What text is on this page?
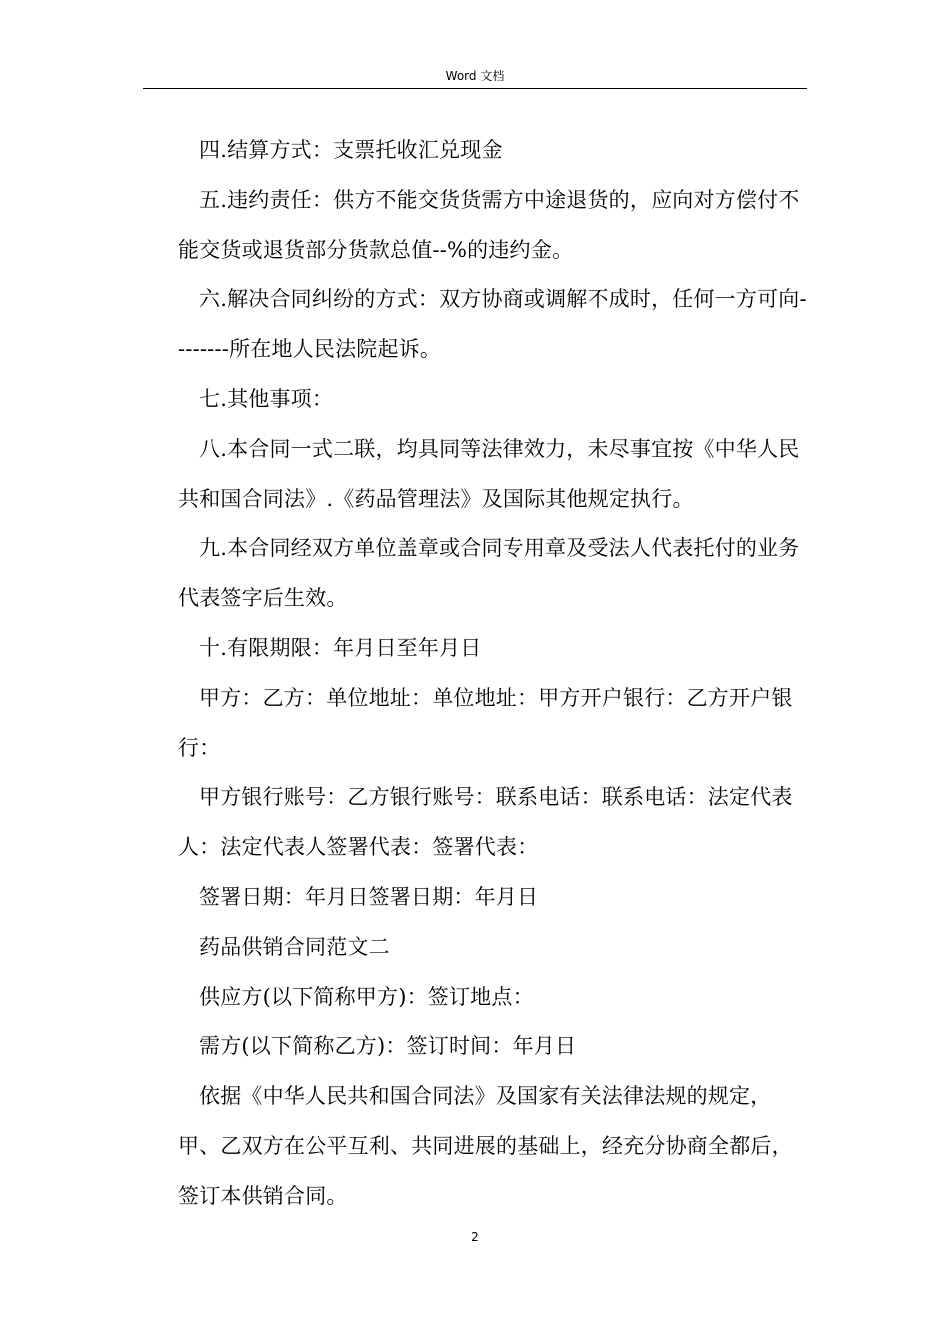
Word 文档

四.结算方式：支票托收汇兑现金

五.违约责任：供方不能交货货需方中途退货的，应向对方偿付不能交货或退货部分货款总值--%的违约金。

六.解决合同纠纷的方式：双方协商或调解不成时，任何一方可向--------所在地人民法院起诉。

七.其他事项：

八.本合同一式二联，均具同等法律效力，未尽事宜按《中华人民共和国合同法》.《药品管理法》及国际其他规定执行。

九.本合同经双方单位盖章或合同专用章及受法人代表托付的业务代表签字后生效。

十.有限期限：年月日至年月日

甲方：乙方：单位地址：单位地址：甲方开户银行：乙方开户银行：

甲方银行账号：乙方银行账号：联系电话：联系电话：法定代表人：法定代表人签署代表：签署代表：

签署日期：年月日签署日期：年月日

药品供销合同范文二

供应方(以下简称甲方)：签订地点：

需方(以下简称乙方)：签订时间：年月日

依据《中华人民共和国合同法》及国家有关法律法规的规定，甲、乙双方在公平互利、共同进展的基础上，经充分协商全都后，签订本供销合同。

2
